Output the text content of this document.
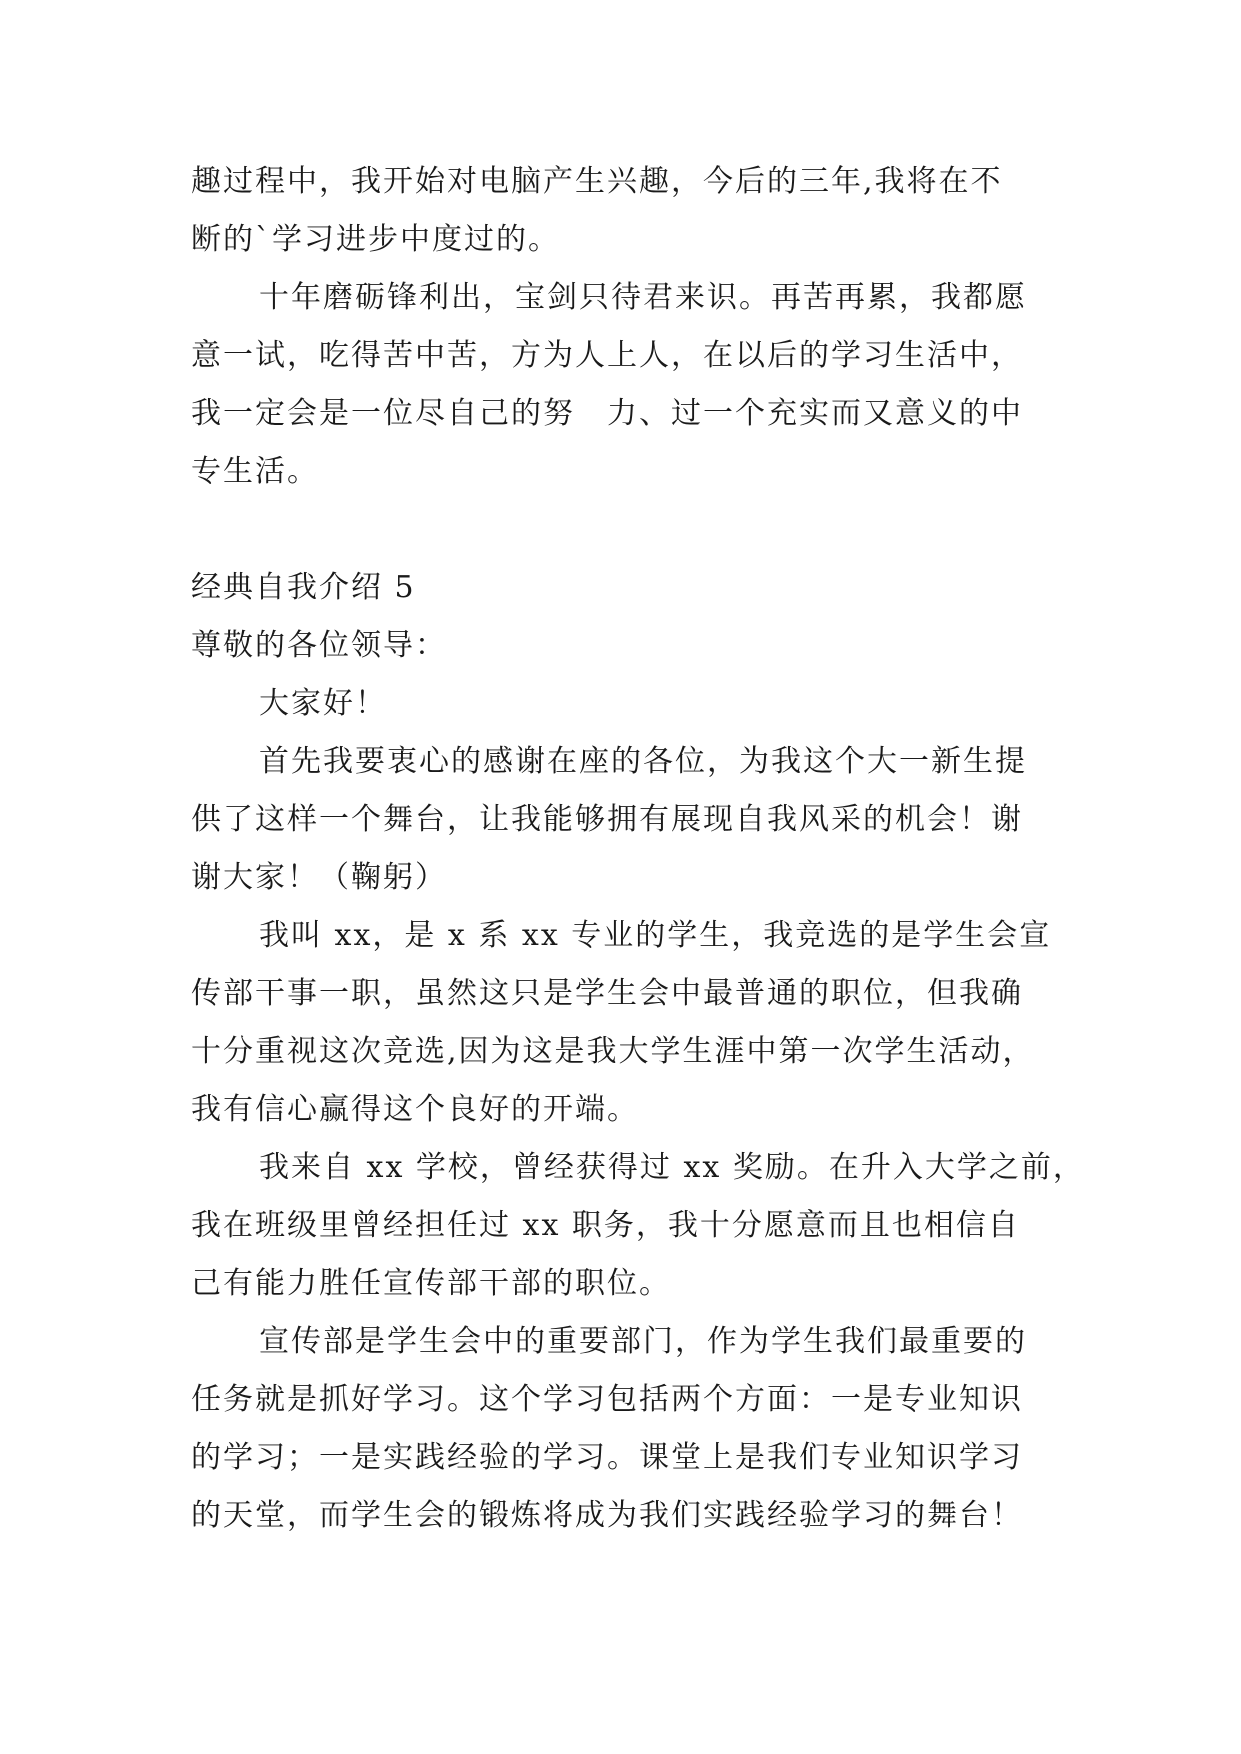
趣过程中，我开始对电脑产生兴趣，今后的三年,我将在不
断的`学习进步中度过的。
十年磨砺锋利出，宝剑只待君来识。再苦再累，我都愿
意一试，吃得苦中苦，方为人上人，在以后的学习生活中，
我一定会是一位尽自己的努　力、过一个充实而又意义的中
专生活。
经典自我介绍 5
尊敬的各位领导：
大家好！
首先我要衷心的感谢在座的各位，为我这个大一新生提
供了这样一个舞台，让我能够拥有展现自我风采的机会！谢
谢大家！（鞠躬）
我叫 xx，是 x 系 xx 专业的学生，我竞选的是学生会宣
传部干事一职，虽然这只是学生会中最普通的职位，但我确
十分重视这次竞选,因为这是我大学生涯中第一次学生活动，
我有信心赢得这个良好的开端。
我来自 xx 学校，曾经获得过 xx 奖励。在升入大学之前，
我在班级里曾经担任过 xx 职务，我十分愿意而且也相信自
己有能力胜任宣传部干部的职位。
宣传部是学生会中的重要部门，作为学生我们最重要的
任务就是抓好学习。这个学习包括两个方面：一是专业知识
的学习；一是实践经验的学习。课堂上是我们专业知识学习
的天堂，而学生会的锻炼将成为我们实践经验学习的舞台！
